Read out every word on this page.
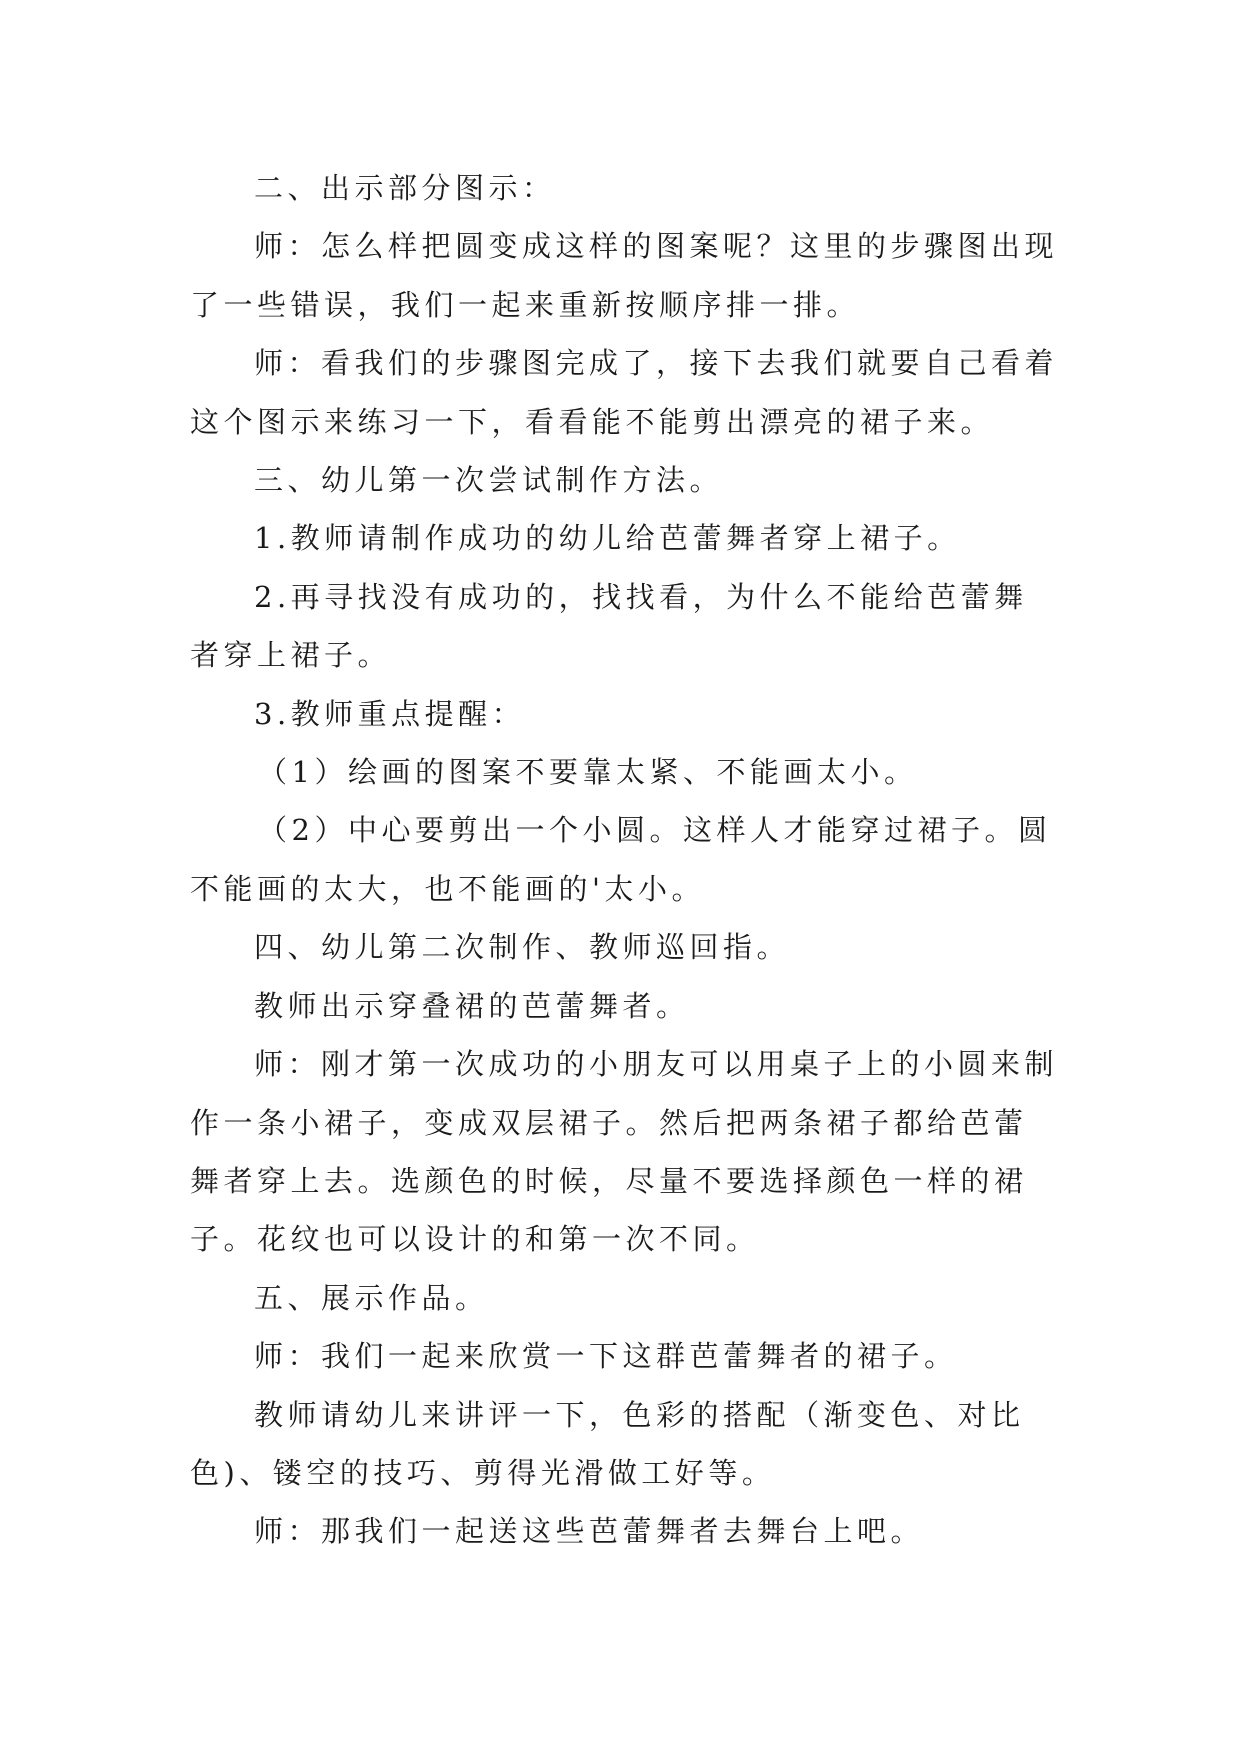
二、出示部分图示：

师：怎么样把圆变成这样的图案呢？这里的步骤图出现了一些错误，我们一起来重新按顺序排一排。

师：看我们的步骤图完成了，接下去我们就要自己看着这个图示来练习一下，看看能不能剪出漂亮的裙子来。

三、幼儿第一次尝试制作方法。

1.教师请制作成功的幼儿给芭蕾舞者穿上裙子。

2.再寻找没有成功的，找找看，为什么不能给芭蕾舞者穿上裙子。

3.教师重点提醒：

（1）绘画的图案不要靠太紧、不能画太小。

（2）中心要剪出一个小圆。这样人才能穿过裙子。圆不能画的太大，也不能画的'太小。

四、幼儿第二次制作、教师巡回指。

教师出示穿叠裙的芭蕾舞者。

师：刚才第一次成功的小朋友可以用桌子上的小圆来制作一条小裙子，变成双层裙子。然后把两条裙子都给芭蕾舞者穿上去。选颜色的时候，尽量不要选择颜色一样的裙子。花纹也可以设计的和第一次不同。

五、展示作品。

师：我们一起来欣赏一下这群芭蕾舞者的裙子。

教师请幼儿来讲评一下，色彩的搭配（渐变色、对比色)、镂空的技巧、剪得光滑做工好等。

师：那我们一起送这些芭蕾舞者去舞台上吧。
